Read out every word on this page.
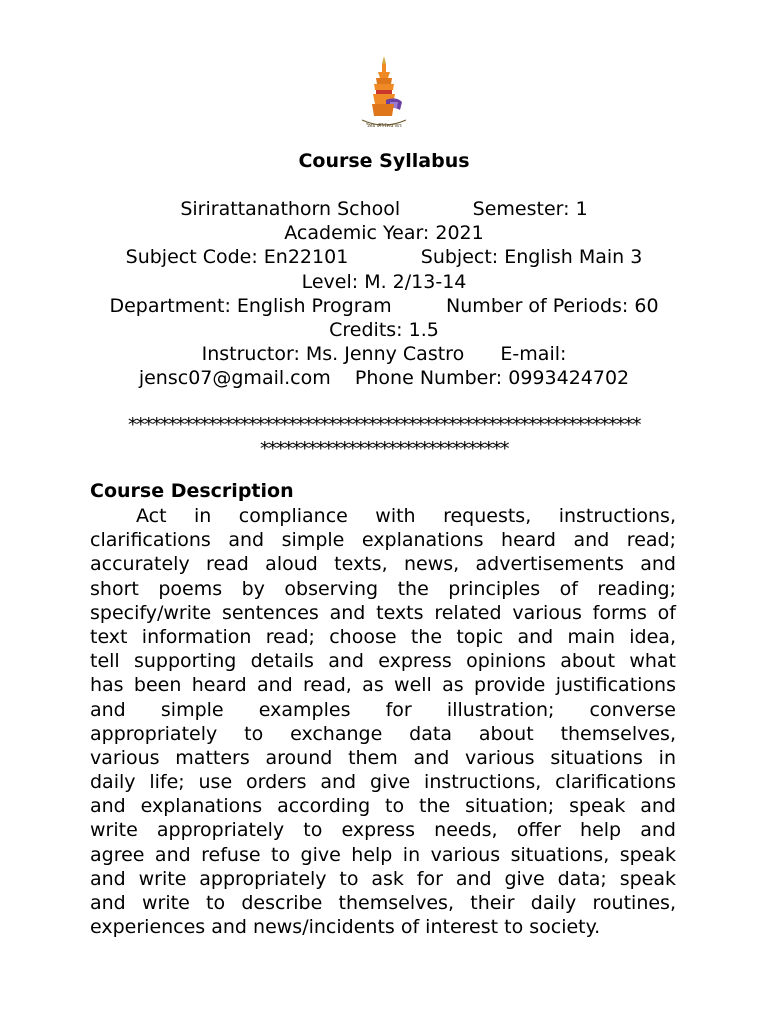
วิทยาศิริรัตนาธร
Course Syllabus
Sirirattanathorn School            Semester: 1
Academic Year: 2021
Subject Code: En22101            Subject: English Main 3
Level: M. 2/13-14
Department: English Program         Number of Periods: 60
Credits: 1.5
Instructor: Ms. Jenny Castro      E-mail:
jensc07@gmail.com    Phone Number: 0993424702
****************************************************************
*******************************
Course Description
Act in compliance with requests, instructions,
clarifications and simple explanations heard and read;
accurately read aloud texts, news, advertisements and
short poems by observing the principles of reading;
specify/write sentences and texts related various forms of
text information read; choose the topic and main idea,
tell supporting details and express opinions about what
has been heard and read, as well as provide justifications
and simple examples for illustration; converse
appropriately to exchange data about themselves,
various matters around them and various situations in
daily life; use orders and give instructions, clarifications
and explanations according to the situation; speak and
write appropriately to express needs, offer help and
agree and refuse to give help in various situations, speak
and write appropriately to ask for and give data; speak
and write to describe themselves, their daily routines,
experiences and news/incidents of interest to society.
